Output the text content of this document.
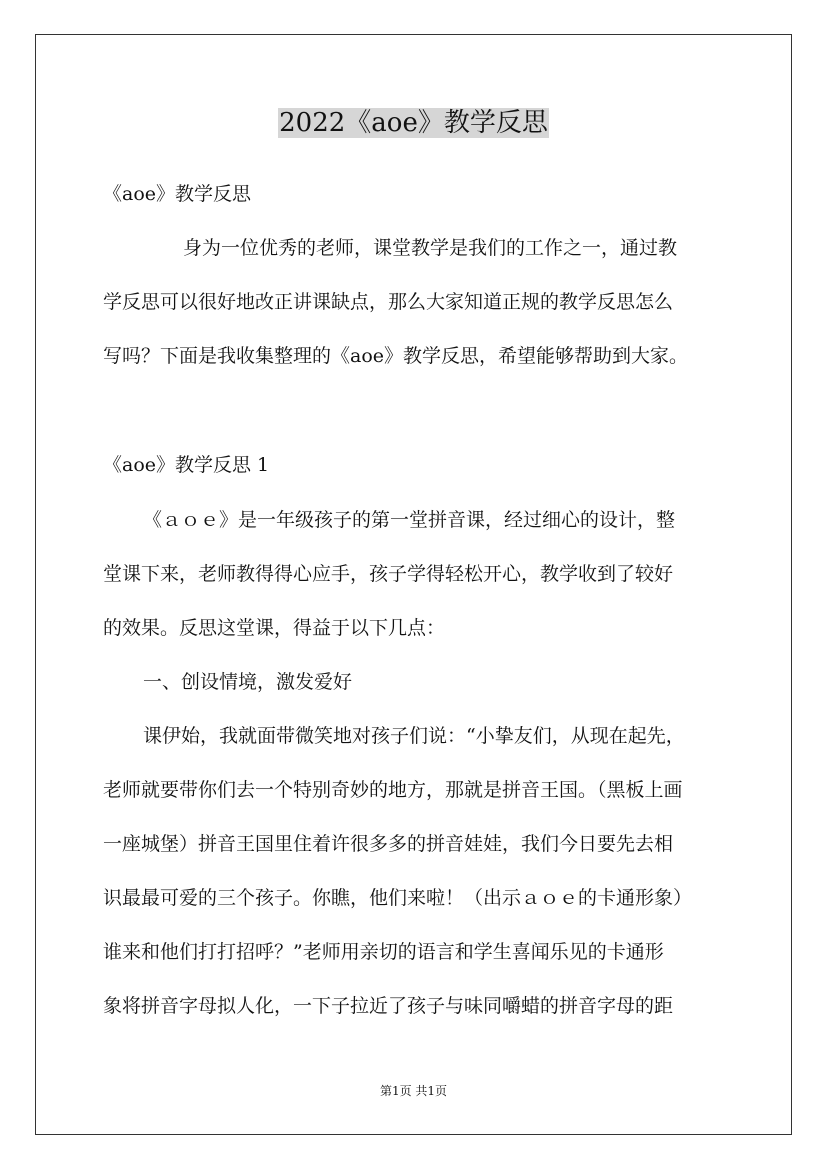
2022《aoe》教学反思
《aoe》教学反思
身为一位优秀的老师，课堂教学是我们的工作之一，通过教
学反思可以很好地改正讲课缺点，那么大家知道正规的教学反思怎么
写吗？下面是我收集整理的《aoe》教学反思，希望能够帮助到大家。
《aoe》教学反思 1
《ａｏｅ》是一年级孩子的第一堂拼音课，经过细心的设计，整
堂课下来，老师教得得心应手，孩子学得轻松开心，教学收到了较好
的效果。反思这堂课，得益于以下几点：
一、创设情境，激发爱好
课伊始，我就面带微笑地对孩子们说：“小挚友们，从现在起先，
老师就要带你们去一个特别奇妙的地方，那就是拼音王国。（黑板上画
一座城堡）拼音王国里住着许很多多的拼音娃娃，我们今日要先去相
识最最可爱的三个孩子。你瞧，他们来啦！（出示ａｏｅ的卡通形象）
谁来和他们打打招呼？”老师用亲切的语言和学生喜闻乐见的卡通形
象将拼音字母拟人化，一下子拉近了孩子与味同嚼蜡的拼音字母的距
第1页 共1页
